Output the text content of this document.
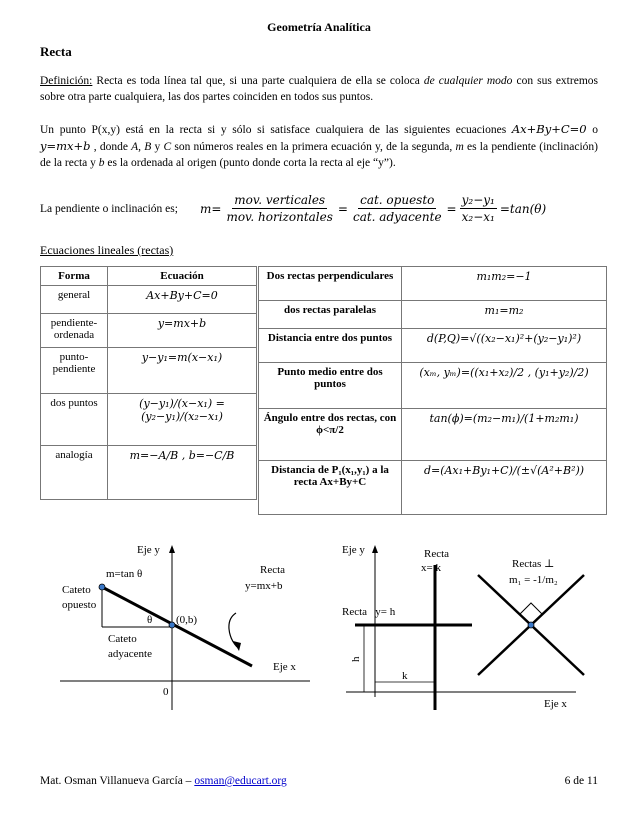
Geometría Analítica
Recta
Definición: Recta es toda línea tal que, si una parte cualquiera de ella se coloca de cualquier modo con sus extremos sobre otra parte cualquiera, las dos partes coinciden en todos sus puntos.
Un punto P(x,y) está en la recta si y sólo si satisface cualquiera de las siguientes ecuaciones Ax+By+C=0 o y=mx+b , donde A, B y C son números reales en la primera ecuación y, de la segunda, m es la pendiente (inclinación) de la recta y b es la ordenada al origen (punto donde corta la recta al eje “y”).
La pendiente o inclinación es; $m= \frac{\text{mov. verticales}}{\text{mov. horizontales}} = \frac{\text{cat. opuesto}}{\text{cat. adyacente}} = \frac{\text{y₂−y₁}}{\text{x₂−x₁}} =\tan(\theta)$
Ecuaciones lineales (rectas)
Forma	Ecuación
general	Ax+By+C=0
pendiente-ordenada	y=mx+b
punto-pendiente	y−y₁=m(x−x₁)
dos puntos	(y−y₁)/(x−x₁) = (y₂−y₁)/(x₂−x₁)
analogía	m=−A/B , b=−C/B
Dos rectas perpendiculares	m₁m₂=−1
dos rectas paralelas	m₁=m₂
Distancia entre dos puntos	d(P,Q)=√((x₂−x₁)²+(y₂−y₁)²)
Punto medio entre dos puntos	(xₘ, yₘ)=((x₁+x₂)/2 , (y₁+y₂)/2)
Ángulo entre dos rectas, con ϕ<π/2	tan(ϕ)=(m₂−m₁)/(1+m₂m₁)
Distancia de P₁(x₁,y₁) a la recta Ax+By+C	d=(Ax₁+By₁+C)/(±√(A²+B²))
Eje y
m=tan θ
Cateto
opuesto
θ (0,b)
Cateto
adyacente
Recta
y=mx+b
Eje x
0
Eje y	Recta
x= k
Recta   y= h
h
k
Rectas ⊥
m₁ = -1/m₂
Eje x
Mat. Osman Villanueva García – osman@educart.org	6 de 11
